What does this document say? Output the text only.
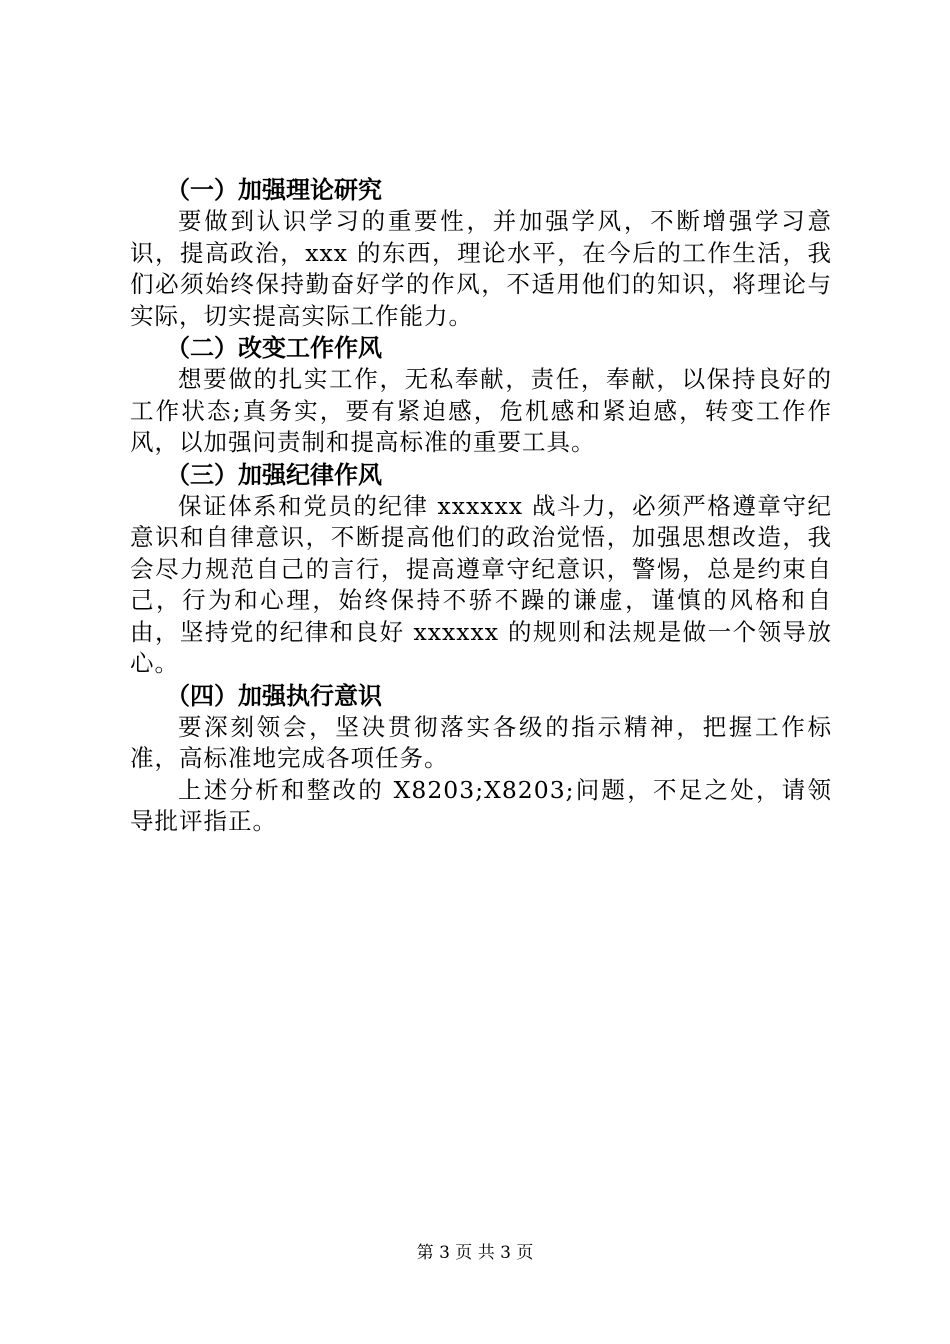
（一）加强理论研究

要做到认识学习的重要性，并加强学风，不断增强学习意识，提高政治，xxx 的东西，理论水平，在今后的工作生活，我们必须始终保持勤奋好学的作风，不适用他们的知识，将理论与实际，切实提高实际工作能力。

（二）改变工作作风

想要做的扎实工作，无私奉献，责任，奉献，以保持良好的工作状态;真务实，要有紧迫感，危机感和紧迫感，转变工作作风，以加强问责制和提高标准的重要工具。

（三）加强纪律作风

保证体系和党员的纪律 xxxxxx 战斗力，必须严格遵章守纪意识和自律意识，不断提高他们的政治觉悟，加强思想改造，我会尽力规范自己的言行，提高遵章守纪意识，警惕，总是约束自己，行为和心理，始终保持不骄不躁的谦虚，谨慎的风格和自由，坚持党的纪律和良好 xxxxxx 的规则和法规是做一个领导放心。

（四）加强执行意识

要深刻领会，坚决贯彻落实各级的指示精神，把握工作标准，高标准地完成各项任务。

上述分析和整改的 X8203;X8203;问题，不足之处，请领导批评指正。

第 3 页 共 3 页
